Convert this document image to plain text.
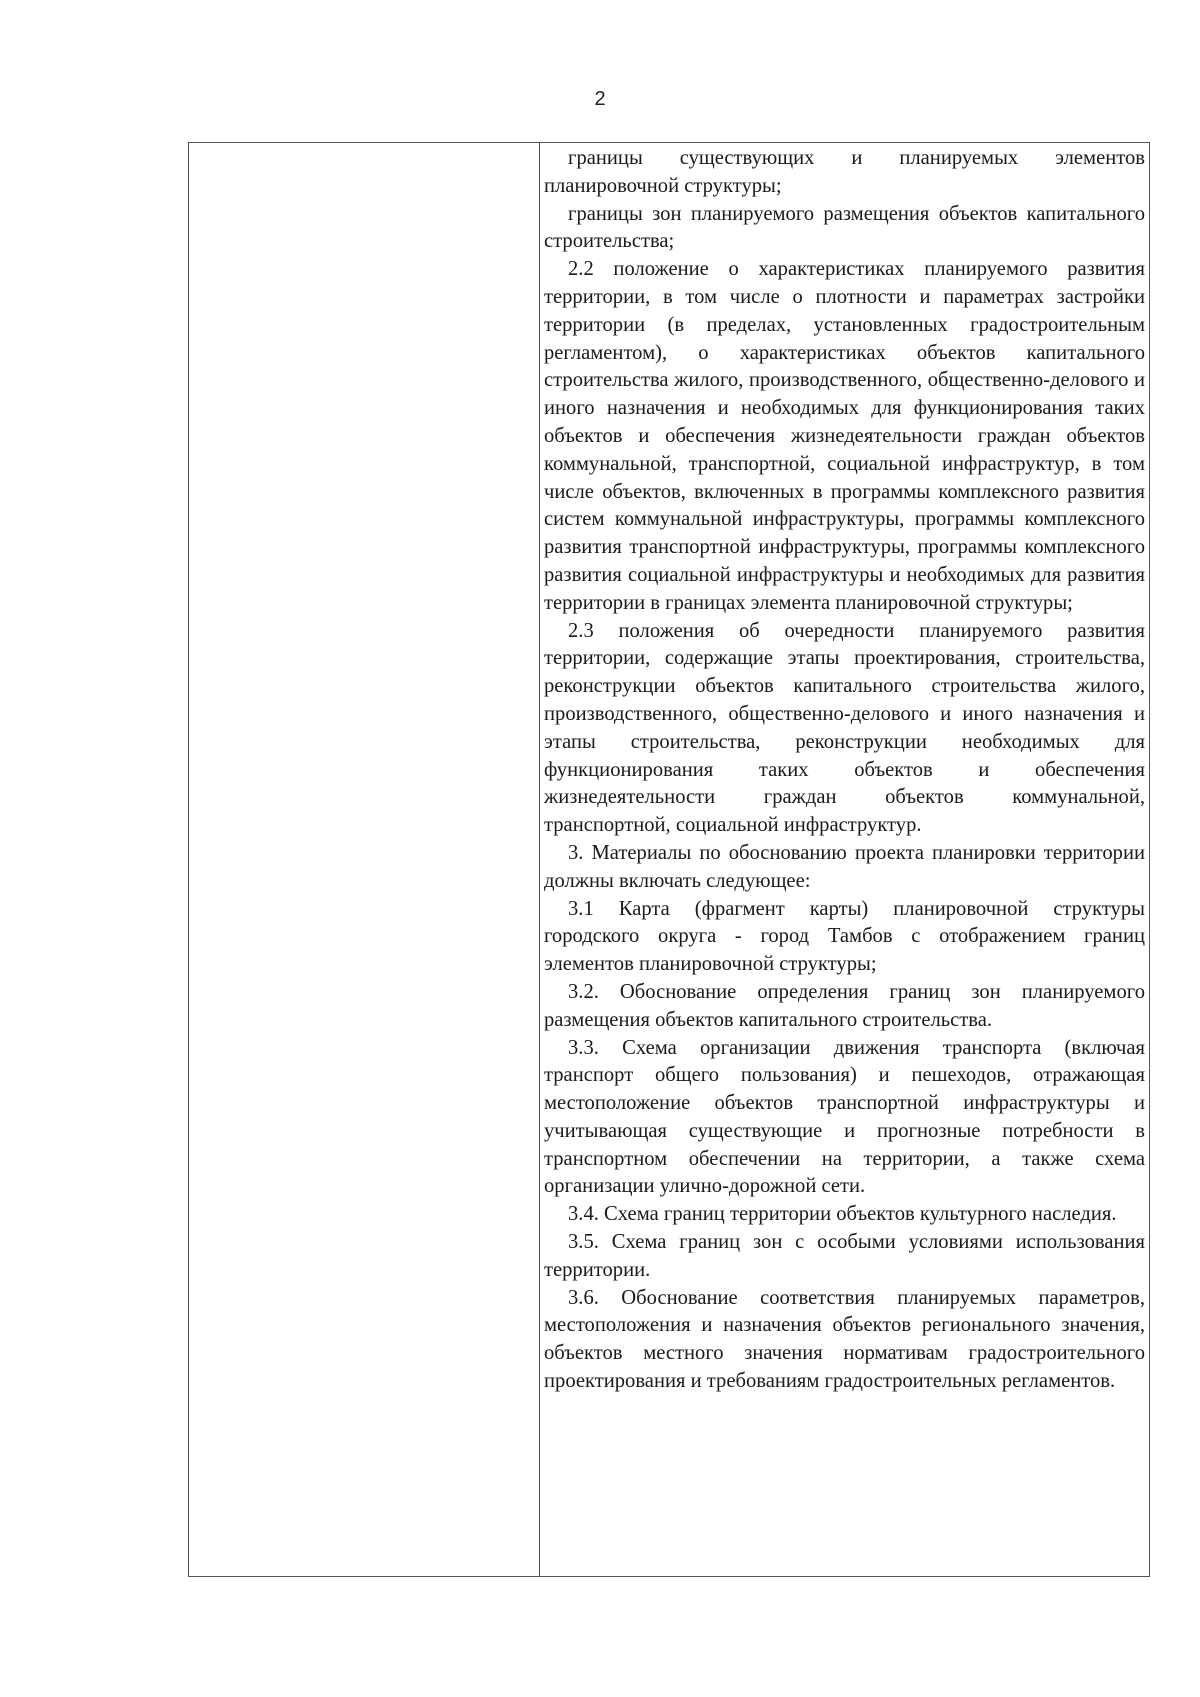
2

границы существующих и планируемых элементов планировочной структуры;

границы зон планируемого размещения объектов капитального строительства;

2.2 положение о характеристиках планируемого развития территории, в том числе о плотности и параметрах застройки территории (в пределах, установленных градостроительным регламентом), о характеристиках объектов капитального строительства жилого, производственного, общественно-делового и иного назначения и необходимых для функционирования таких объектов и обеспечения жизнедеятельности граждан объектов коммунальной, транспортной, социальной инфраструктур, в том числе объектов, включенных в программы комплексного развития систем коммунальной инфраструктуры, программы комплексного развития транспортной инфраструктуры, программы комплексного развития социальной инфраструктуры и необходимых для развития территории в границах элемента планировочной структуры;

2.3 положения об очередности планируемого развития территории, содержащие этапы проектирования, строительства, реконструкции объектов капитального строительства жилого, производственного, общественно-делового и иного назначения и этапы строительства, реконструкции необходимых для функционирования таких объектов и обеспечения жизнедеятельности граждан объектов коммунальной, транспортной, социальной инфраструктур.

3. Материалы по обоснованию проекта планировки территории должны включать следующее:

3.1 Карта (фрагмент карты) планировочной структуры городского округа - город Тамбов с отображением границ элементов планировочной структуры;

3.2. Обоснование определения границ зон планируемого размещения объектов капитального строительства.

3.3. Схема организации движения транспорта (включая транспорт общего пользования) и пешеходов, отражающая местоположение объектов транспортной инфраструктуры и учитывающая существующие и прогнозные потребности в транспортном обеспечении на территории, а также схема организации улично-дорожной сети.

3.4. Схема границ территории объектов культурного наследия.

3.5. Схема границ зон с особыми условиями использования территории.

3.6. Обоснование соответствия планируемых параметров, местоположения и назначения объектов регионального значения, объектов местного значения нормативам градостроительного проектирования и требованиям градостроительных регламентов.
